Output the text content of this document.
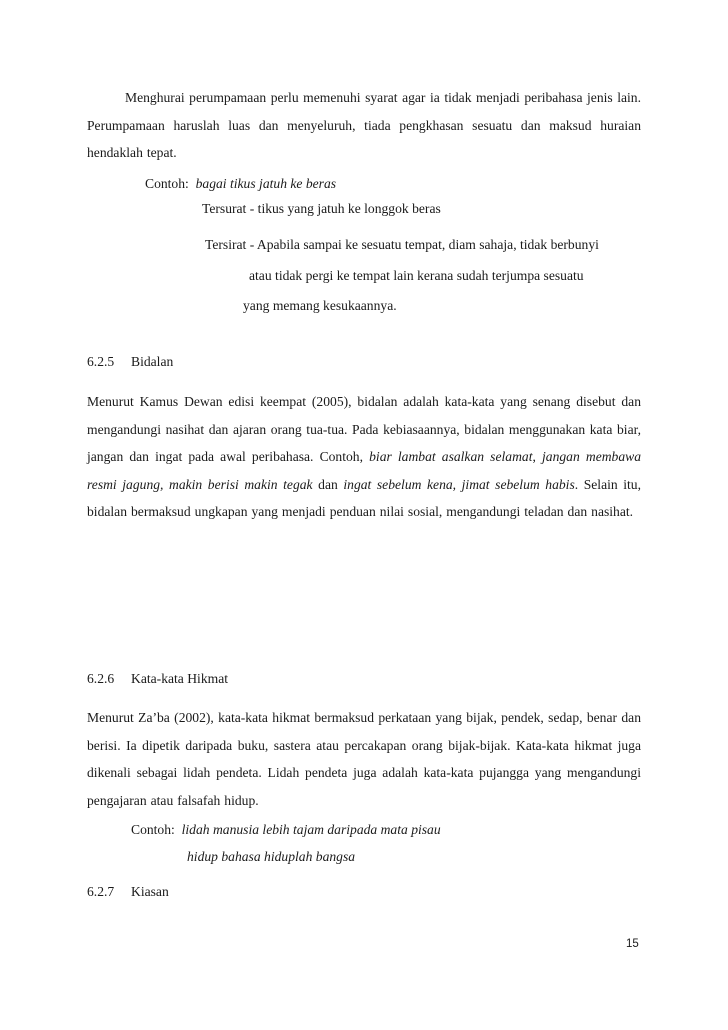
Menghurai perumpamaan perlu memenuhi syarat agar ia tidak menjadi peribahasa jenis lain. Perumpamaan haruslah luas dan menyeluruh, tiada pengkhasan sesuatu dan maksud huraian hendaklah tepat.

Contoh: bagai tikus jatuh ke beras
Tersurat - tikus yang jatuh ke longgok beras
Tersirat - Apabila sampai ke sesuatu tempat, diam sahaja, tidak berbunyi
atau tidak pergi ke tempat lain kerana sudah terjumpa sesuatu
yang memang kesukaannya.
6.2.5 Bidalan

Menurut Kamus Dewan edisi keempat (2005), bidalan adalah kata-kata yang senang disebut dan mengandungi nasihat dan ajaran orang tua-tua. Pada kebiasaannya, bidalan menggunakan kata biar, jangan dan ingat pada awal peribahasa. Contoh, biar lambat asalkan selamat, jangan membawa resmi jagung, makin berisi makin tegak dan ingat sebelum kena, jimat sebelum habis. Selain itu, bidalan bermaksud ungkapan yang menjadi penduan nilai sosial, mengandungi teladan dan nasihat.

6.2.6 Kata-kata Hikmat

Menurut Za’ba (2002), kata-kata hikmat bermaksud perkataan yang bijak, pendek, sedap, benar dan berisi. Ia dipetik daripada buku, sastera atau percakapan orang bijak-bijak. Kata-kata hikmat juga dikenali sebagai lidah pendeta. Lidah pendeta juga adalah kata-kata pujangga yang mengandungi pengajaran atau falsafah hidup.

Contoh: lidah manusia lebih tajam daripada mata pisau
hidup bahasa hiduplah bangsa
6.2.7 Kiasan
15
